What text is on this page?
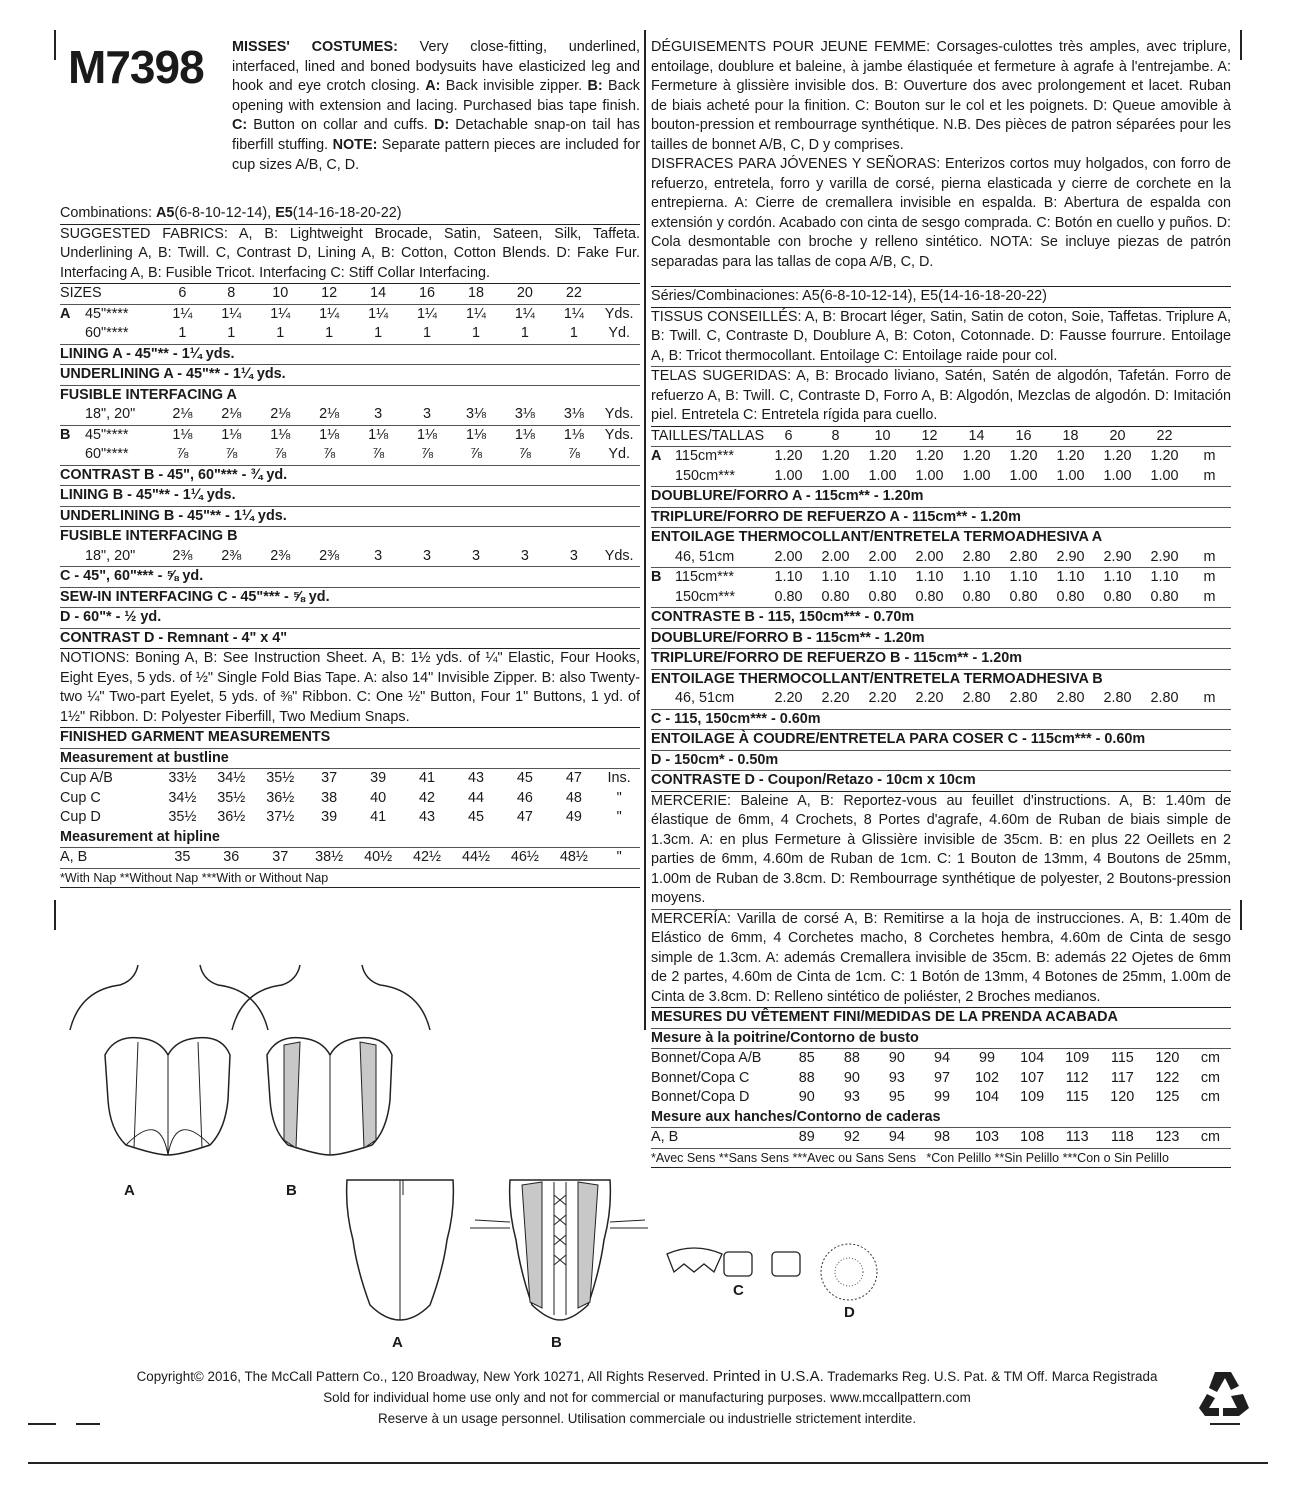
M7398 MISSES' COSTUMES: Very close-fitting, underlined, interfaced, lined and boned bodysuits have elasticized leg and hook and eye crotch closing. A: Back invisible zipper. B: Back opening with extension and lacing. Purchased bias tape finish. C: Button on collar and cuffs. D: Detachable snap-on tail has fiberfill stuffing. NOTE: Separate pattern pieces are included for cup sizes A/B, C, D.
Combinations: A5(6-8-10-12-14), E5(14-16-18-20-22)
SUGGESTED FABRICS: A, B: Lightweight Brocade, Satin, Sateen, Silk, Taffeta. Underlining A, B: Twill. C, Contrast D, Lining A, B: Cotton, Cotton Blends. D: Fake Fur. Interfacing A, B: Fusible Tricot. Interfacing C: Stiff Collar Interfacing.
SIZES		6	8	10	12	14	16	18	20	22	
A	45"****	1¼	1¼	1¼	1¼	1¼	1¼	1¼	1¼	1¼	Yds.
	60"****	1	1	1	1	1	1	1	1	1	Yd.
LINING A - 45"** - 1¼ yds.											
UNDERLINING A - 45"** - 1¼ yds.											
FUSIBLE INTERFACING A											
	18", 20"	2⅛	2⅛	2⅛	2⅛	3	3	3⅛	3⅛	3⅛	Yds.
B	45"****	1⅛	1⅛	1⅛	1⅛	1⅛	1⅛	1⅛	1⅛	1⅛	Yds.
	60"****	⅞	⅞	⅞	⅞	⅞	⅞	⅞	⅞	⅞	Yd.
CONTRAST B - 45", 60"*** - ¾ yd.											
LINING B - 45"** - 1¼ yds.											
UNDERLINING B - 45"** - 1¼ yds.											
FUSIBLE INTERFACING B											
	18", 20"	2⅜	2⅜	2⅜	2⅜	3	3	3	3	3	Yds.
C - 45", 60"*** - ⅝ yd.											
SEW-IN INTERFACING C - 45"*** - ⅝ yd.											
D - 60"* - ½ yd.											
CONTRAST D - Remnant - 4" x 4"											
NOTIONS: Boning A, B: See Instruction Sheet. A, B: 1½ yds. of ¼" Elastic, Four Hooks, Eight Eyes, 5 yds. of ½" Single Fold Bias Tape. A: also 14" Invisible Zipper. B: also Twenty-two ¼" Two-part Eyelet, 5 yds. of ⅜" Ribbon. C: One ½" Button, Four 1" Buttons, 1 yd. of 1½" Ribbon. D: Polyester Fiberfill, Two Medium Snaps.
FINISHED GARMENT MEASUREMENTS
Measurement at bustline
Cup A/B	33½	34½	35½	37	39	41	43	45	47	Ins.
Cup C	34½	35½	36½	38	40	42	44	46	48	"
Cup D	35½	36½	37½	39	41	43	45	47	49	"
Measurement at hipline										
A, B	35	36	37	38½	40½	42½	44½	46½	48½	"
*With Nap **Without Nap ***With or Without Nap
DÉGUISEMENTS POUR JEUNE FEMME: Corsages-culottes très amples, avec triplure, entoilage, doublure et baleine, à jambe élastiquée et fermeture à agrafe à l'entrejambe. A: Fermeture à glissière invisible dos. B: Ouverture dos avec prolongement et lacet. Ruban de biais acheté pour la finition. C: Bouton sur le col et les poignets. D: Queue amovible à bouton-pression et rembourrage synthétique. N.B. Des pièces de patron séparées pour les tailles de bonnet A/B, C, D y comprises.
DISFRACES PARA JÓVENES Y SEÑORAS: Enterizos cortos muy holgados, con forro de refuerzo, entretela, forro y varilla de corsé, pierna elasticada y cierre de corchete en la entrepierna. A: Cierre de cremallera invisible en espalda. B: Abertura de espalda con extensión y cordón. Acabado con cinta de sesgo comprada. C: Botón en cuello y puños. D: Cola desmontable con broche y relleno sintético. NOTA: Se incluye piezas de patrón separadas para las tallas de copa A/B, C, D.
Séries/Combinaciones: A5(6-8-10-12-14), E5(14-16-18-20-22)
TISSUS CONSEILLÉS: A, B: Brocart léger, Satin, Satin de coton, Soie, Taffetas. Triplure A, B: Twill. C, Contraste D, Doublure A, B: Coton, Cotonnade. D: Fausse fourrure. Entoilage A, B: Tricot thermocollant. Entoilage C: Entoilage raide pour col.
TELAS SUGERIDAS: A, B: Brocado liviano, Satén, Satén de algodón, Tafetán. Forro de refuerzo A, B: Twill. C, Contraste D, Forro A, B: Algodón, Mezclas de algodón. D: Imitación piel. Entretela C: Entretela rígida para cuello.
TAILLES/TALLAS		6	8	10	12	14	16	18	20	22	
A	115cm***	1.20	1.20	1.20	1.20	1.20	1.20	1.20	1.20	1.20	m
	150cm***	1.00	1.00	1.00	1.00	1.00	1.00	1.00	1.00	1.00	m
DOUBLURE/FORRO A - 115cm** - 1.20m											
TRIPLURE/FORRO DE REFUERZO A - 115cm** - 1.20m											
ENTOILAGE THERMOCOLLANT/ENTRETELA TERMOADHESIVA A											
	46, 51cm	2.00	2.00	2.00	2.00	2.80	2.80	2.90	2.90	2.90	m
B	115cm***	1.10	1.10	1.10	1.10	1.10	1.10	1.10	1.10	1.10	m
	150cm***	0.80	0.80	0.80	0.80	0.80	0.80	0.80	0.80	0.80	m
CONTRASTE B - 115, 150cm*** - 0.70m											
DOUBLURE/FORRO B - 115cm** - 1.20m											
TRIPLURE/FORRO DE REFUERZO B - 115cm** - 1.20m											
ENTOILAGE THERMOCOLLANT/ENTRETELA TERMOADHESIVA B											
	46, 51cm	2.20	2.20	2.20	2.20	2.80	2.80	2.80	2.80	2.80	m
C - 115, 150cm*** - 0.60m											
ENTOILAGE À COUDRE/ENTRETELA PARA COSER C - 115cm*** - 0.60m											
D - 150cm* - 0.50m											
CONTRASTE D - Coupon/Retazo - 10cm x 10cm											
MERCERIE: Baleine A, B: Reportez-vous au feuillet d'instructions. A, B: 1.40m de élastique de 6mm, 4 Crochets, 8 Portes d'agrafe, 4.60m de Ruban de biais simple de 1.3cm. A: en plus Fermeture à Glissière invisible de 35cm. B: en plus 22 Oeillets en 2 parties de 6mm, 4.60m de Ruban de 1cm. C: 1 Bouton de 13mm, 4 Boutons de 25mm, 1.00m de Ruban de 3.8cm. D: Rembourrage synthétique de polyester, 2 Boutons-pression moyens.
MERCERÍA: Varilla de corsé A, B: Remitirse a la hoja de instrucciones. A, B: 1.40m de Elástico de 6mm, 4 Corchetes macho, 8 Corchetes hembra, 4.60m de Cinta de sesgo simple de 1.3cm. A: además Cremallera invisible de 35cm. B: además 22 Ojetes de 6mm de 2 partes, 4.60m de Cinta de 1cm. C: 1 Botón de 13mm, 4 Botones de 25mm, 1.00m de Cinta de 3.8cm. D: Relleno sintético de poliéster, 2 Broches medianos.
MESURES DU VÊTEMENT FINI/MEDIDAS DE LA PRENDA ACABADA
Mesure à la poitrine/Contorno de busto
Bonnet/Copa A/B	85	88	90	94	99	104	109	115	120	cm
Bonnet/Copa C	88	90	93	97	102	107	112	117	122	cm
Bonnet/Copa D	90	93	95	99	104	109	115	120	125	cm
Mesure aux hanches/Contorno de caderas										
A, B	89	92	94	98	103	108	113	118	123	cm
*Avec Sens **Sans Sens ***Avec ou Sans Sens   *Con Pelillo **Sin Pelillo ***Con o Sin Pelillo
A	B
A	B
C
D
Copyright© 2016, The McCall Pattern Co., 120 Broadway, New York 10271, All Rights Reserved. Printed in U.S.A. Trademarks Reg. U.S. Pat. & TM Off. Marca Registrada
Sold for individual home use only and not for commercial or manufacturing purposes. www.mccallpattern.com
Reserve à un usage personnel. Utilisation commerciale ou industrielle strictement interdite.
